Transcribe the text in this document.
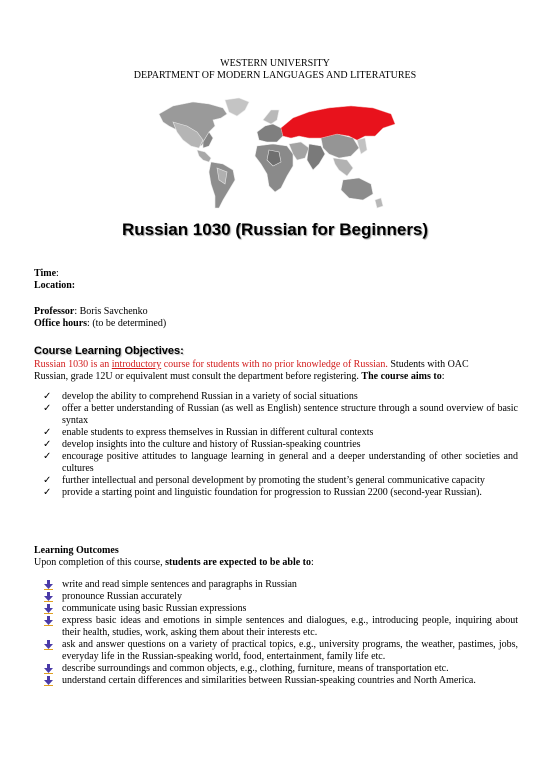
WESTERN UNIVERSITY
DEPARTMENT OF MODERN LANGUAGES AND LITERATURES
Russian 1030 (Russian for Beginners)
Time:
Location:
Professor: Boris Savchenko
Office hours: (to be determined)
Course Learning Objectives:
Russian 1030 is an introductory course for students with no prior knowledge of Russian. Students with OAC
Russian, grade 12U or equivalent must consult the department before registering. The course aims to:
✓ develop the ability to comprehend Russian in a variety of social situations
✓ offer a better understanding of Russian (as well as English) sentence structure through a sound overview of basic syntax
✓ enable students to express themselves in Russian in different cultural contexts
✓ develop insights into the culture and history of Russian-speaking countries
✓ encourage positive attitudes to language learning in general and a deeper understanding of other societies and cultures
✓ further intellectual and personal development by promoting the student’s general communicative capacity
✓ provide a starting point and linguistic foundation for progression to Russian 2200 (second-year Russian).
Learning Outcomes
Upon completion of this course, students are expected to be able to:
write and read simple sentences and paragraphs in Russian
pronounce Russian accurately
communicate using basic Russian expressions
express basic ideas and emotions in simple sentences and dialogues, e.g., introducing people, inquiring about their health, studies, work, asking them about their interests etc.
ask and answer questions on a variety of practical topics, e.g., university programs, the weather, pastimes, jobs, everyday life in the Russian-speaking world, food, entertainment, family life etc.
describe surroundings and common objects, e.g., clothing, furniture, means of transportation etc.
understand certain differences and similarities between Russian-speaking countries and North America.
